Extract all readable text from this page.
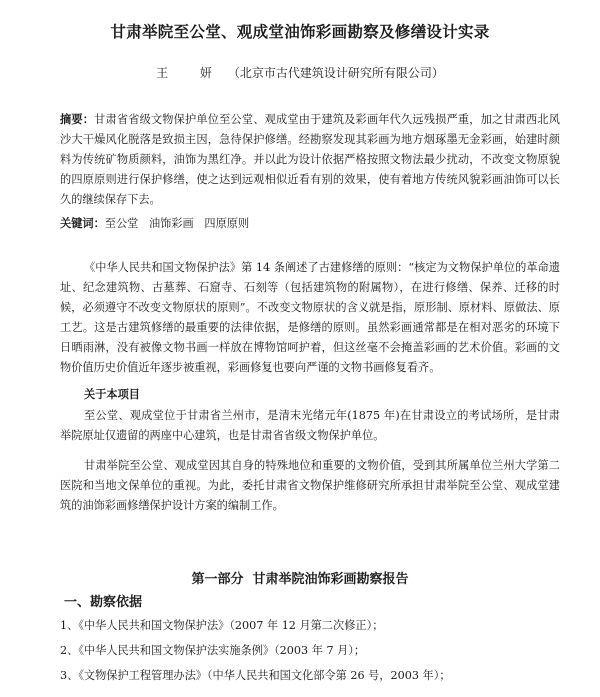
甘肃举院至公堂、观成堂油饰彩画勘察及修缮设计实录
王 妍 （北京市古代建筑设计研究所有限公司）
摘要：甘肃省省级文物保护单位至公堂、观成堂由于建筑及彩画年代久远残损严重，加之甘肃西北风沙大干燥风化脱落是致损主因，急待保护修缮。经勘察发现其彩画为地方烟琢墨无金彩画，始建时颜料为传统矿物质颜料，油饰为黑红净。并以此为设计依据严格按照文物法最少扰动，不改变文物原貌的四原原则进行保护修缮，使之达到远观相似近看有别的效果，使有着地方传统风貌彩画油饰可以长久的继续保存下去。
关键词：至公堂   油饰彩画   四原原则
《中华人民共和国文物保护法》第 14 条阐述了古建修缮的原则：“核定为文物保护单位的革命遗址、纪念建筑物、古墓葬、石窟寺、石刻等（包括建筑物的附属物），在进行修缮、保养、迁移的时候，必须遵守不改变文物原状的原则”。不改变文物原状的含义就是指，原形制、原材料、原做法、原工艺。这是古建筑修缮的最重要的法律依据，是修缮的原则。虽然彩画通常都是在相对恶劣的环境下日晒雨淋，没有被像文物书画一样放在博物馆呵护着，但这丝毫不会掩盖彩画的艺术价值。彩画的文物价值历史价值近年逐步被重视，彩画修复也要向严谨的文物书画修复看齐。
关于本项目
至公堂、观成堂位于甘肃省兰州市，是清末光绪元年(1875 年)在甘肃设立的考试场所，是甘肃举院原址仅遗留的两座中心建筑，也是甘肃省省级文物保护单位。
甘肃举院至公堂、观成堂因其自身的特殊地位和重要的文物价值，受到其所属单位兰州大学第二医院和当地文保单位的重视。为此，委托甘肃省文物保护维修研究所承担甘肃举院至公堂、观成堂建筑的油饰彩画修缮保护设计方案的编制工作。
第一部分  甘肃举院油饰彩画勘察报告
一、勘察依据
1、《中华人民共和国文物保护法》（2007 年 12 月第二次修正）；
2、《中华人民共和国文物保护法实施条例》（2003 年 7 月）；
3、《文物保护工程管理办法》（中华人民共和国文化部令第 26 号，2003 年）；
